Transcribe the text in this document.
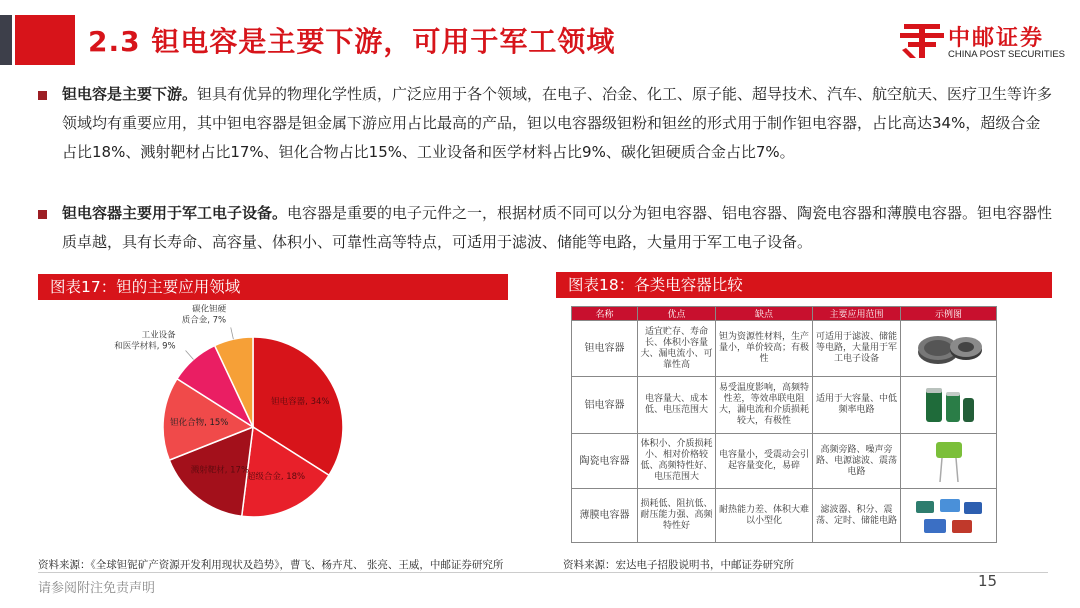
2.3 钽电容是主要下游，可用于军工领域	中邮证券
CHINA POST SECURITIES
钽电容是主要下游。钽具有优异的物理化学性质，广泛应用于各个领域，在电子、冶金、化工、原子能、超导技术、汽车、航空航天、医疗卫生等许多领域均有重要应用，其中钽电容器是钽金属下游应用占比最高的产品，钽以电容器级钽粉和钽丝的形式用于制作钽电容器，占比高达34%，超级合金占比18%、溅射靶材占比17%、钽化合物占比15%、工业设备和医学材料占比9%、碳化钽硬质合金占比7%。
钽电容器主要用于军工电子设备。电容器是重要的电子元件之一，根据材质不同可以分为钽电容器、铝电容器、陶瓷电容器和薄膜电容器。钽电容器性质卓越，具有长寿命、高容量、体积小、可靠性高等特点，可适用于滤波、储能等电路，大量用于军工电子设备。
图表17：钽的主要应用领域
钽电容器, 34%
超级合金, 18%
溅射靶材, 17%
钽化合物, 15%
工业设备和医学材料, 9%
碳化钽硬质合金, 7%
资料来源：《全球钽铌矿产资源开发利用现状及趋势》，曹飞、杨卉芃、 张亮、王威，中邮证券研究所
图表18：各类电容器比较
名称	优点	缺点	主要应用范围	示例图
钽电容器	适宜贮存、寿命长、体积小容量大、漏电流小、可靠性高	钽为资源性材料，生产量小，单价较高；有极性	可适用于滤波、储能等电路，大量用于军工电子设备	

铝电容器	电容量大、成本低、电压范围大	易受温度影响，高频特性差，等效串联电阻大，漏电流和介质损耗较大，有极性	适用于大容量、中低频率电路	

陶瓷电容器	体积小、介质损耗小、相对价格较低、高频特性好、电压范围大	电容量小，受震动会引起容量变化，易碎	高频旁路、噪声旁路、电源滤波、震荡电路	

薄膜电容器	损耗低、阻抗低、耐压能力强、高频特性好	耐热能力差、体积大难以小型化	滤波器、积分、震荡、定时、储能电路	
资料来源：宏达电子招股说明书，中邮证券研究所
请参阅附注免责声明	15
